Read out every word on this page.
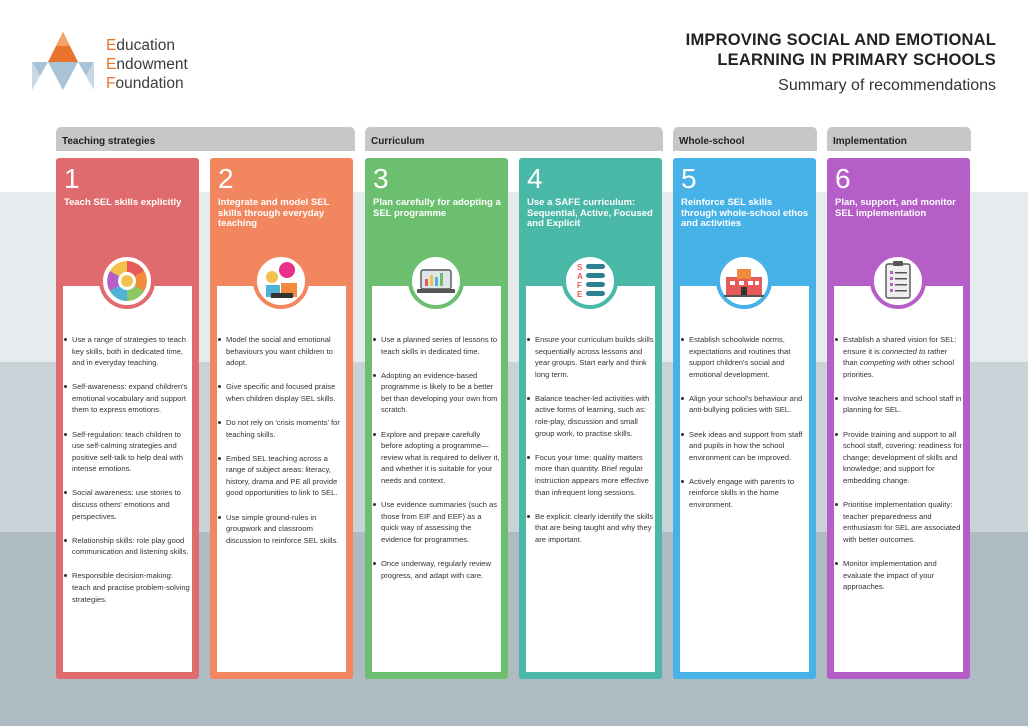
Education
Endowment
Foundation
IMPROVING SOCIAL AND EMOTIONAL
LEARNING IN PRIMARY SCHOOLS
Summary of recommendations
Teaching strategies	Curriculum	Whole-school	Implementation
1
Teach SEL skills explicitly
Use a range of strategies to teach key skills, both in dedicated time, and in everyday teaching.
Self-awareness: expand children's emotional vocabulary and support them to express emotions.
Self-regulation: teach children to use self-calming strategies and positive self-talk to help deal with intense emotions.
Social awareness: use stories to discuss others' emotions and perspectives.
Relationship skills: role play good communication and listening skills.
Responsible decision-making: teach and practise problem-solving strategies.
2
Integrate and model SEL skills through everyday teaching
Model the social and emotional behaviours you want children to adopt.
Give specific and focused praise when children display SEL skills.
Do not rely on 'crisis moments' for teaching skills.
Embed SEL teaching across a range of subject areas: literacy, history, drama and PE all provide good opportunities to link to SEL.
Use simple ground-rules in groupwork and classroom discussion to reinforce SEL skills.
3
Plan carefully for adopting a SEL programme
Use a planned series of lessons to teach skills in dedicated time.
Adopting an evidence-based programme is likely to be a better bet than developing your own from scratch.
Explore and prepare carefully before adopting a programme—review what is required to deliver it, and whether it is suitable for your needs and context.
Use evidence summaries (such as those from EIF and EEF) as a quick way of assessing the evidence for programmes.
Once underway, regularly review progress, and adapt with care.
4
Use a SAFE curriculum: Sequential, Active, Focused and Explicit
S
A
F
E
Ensure your curriculum builds skills sequentially across lessons and year groups. Start early and think long term.
Balance teacher-led activities with active forms of learning, such as: role-play, discussion and small group work, to practise skills.
Focus your time: quality matters more than quantity. Brief regular instruction appears more effective than infrequent long sessions.
Be explicit: clearly identify the skills that are being taught and why they are important.
5
Reinforce SEL skills through whole-school ethos and activities
Establish schoolwide norms, expectations and routines that support children's social and emotional development.
Align your school's behaviour and anti-bullying policies with SEL.
Seek ideas and support from staff and pupils in how the school environment can be improved.
Actively engage with parents to reinforce skills in the home environment.
6
Plan, support, and monitor SEL implementation
Establish a shared vision for SEL: ensure it is connected to rather than competing with other school priorities.
Involve teachers and school staff in planning for SEL.
Provide training and support to all school staff, covering: readiness for change; development of skills and knowledge; and support for embedding change.
Prioritise implementation quality: teacher preparedness and enthusiasm for SEL are associated with better outcomes.
Monitor implementation and evaluate the impact of your approaches.
